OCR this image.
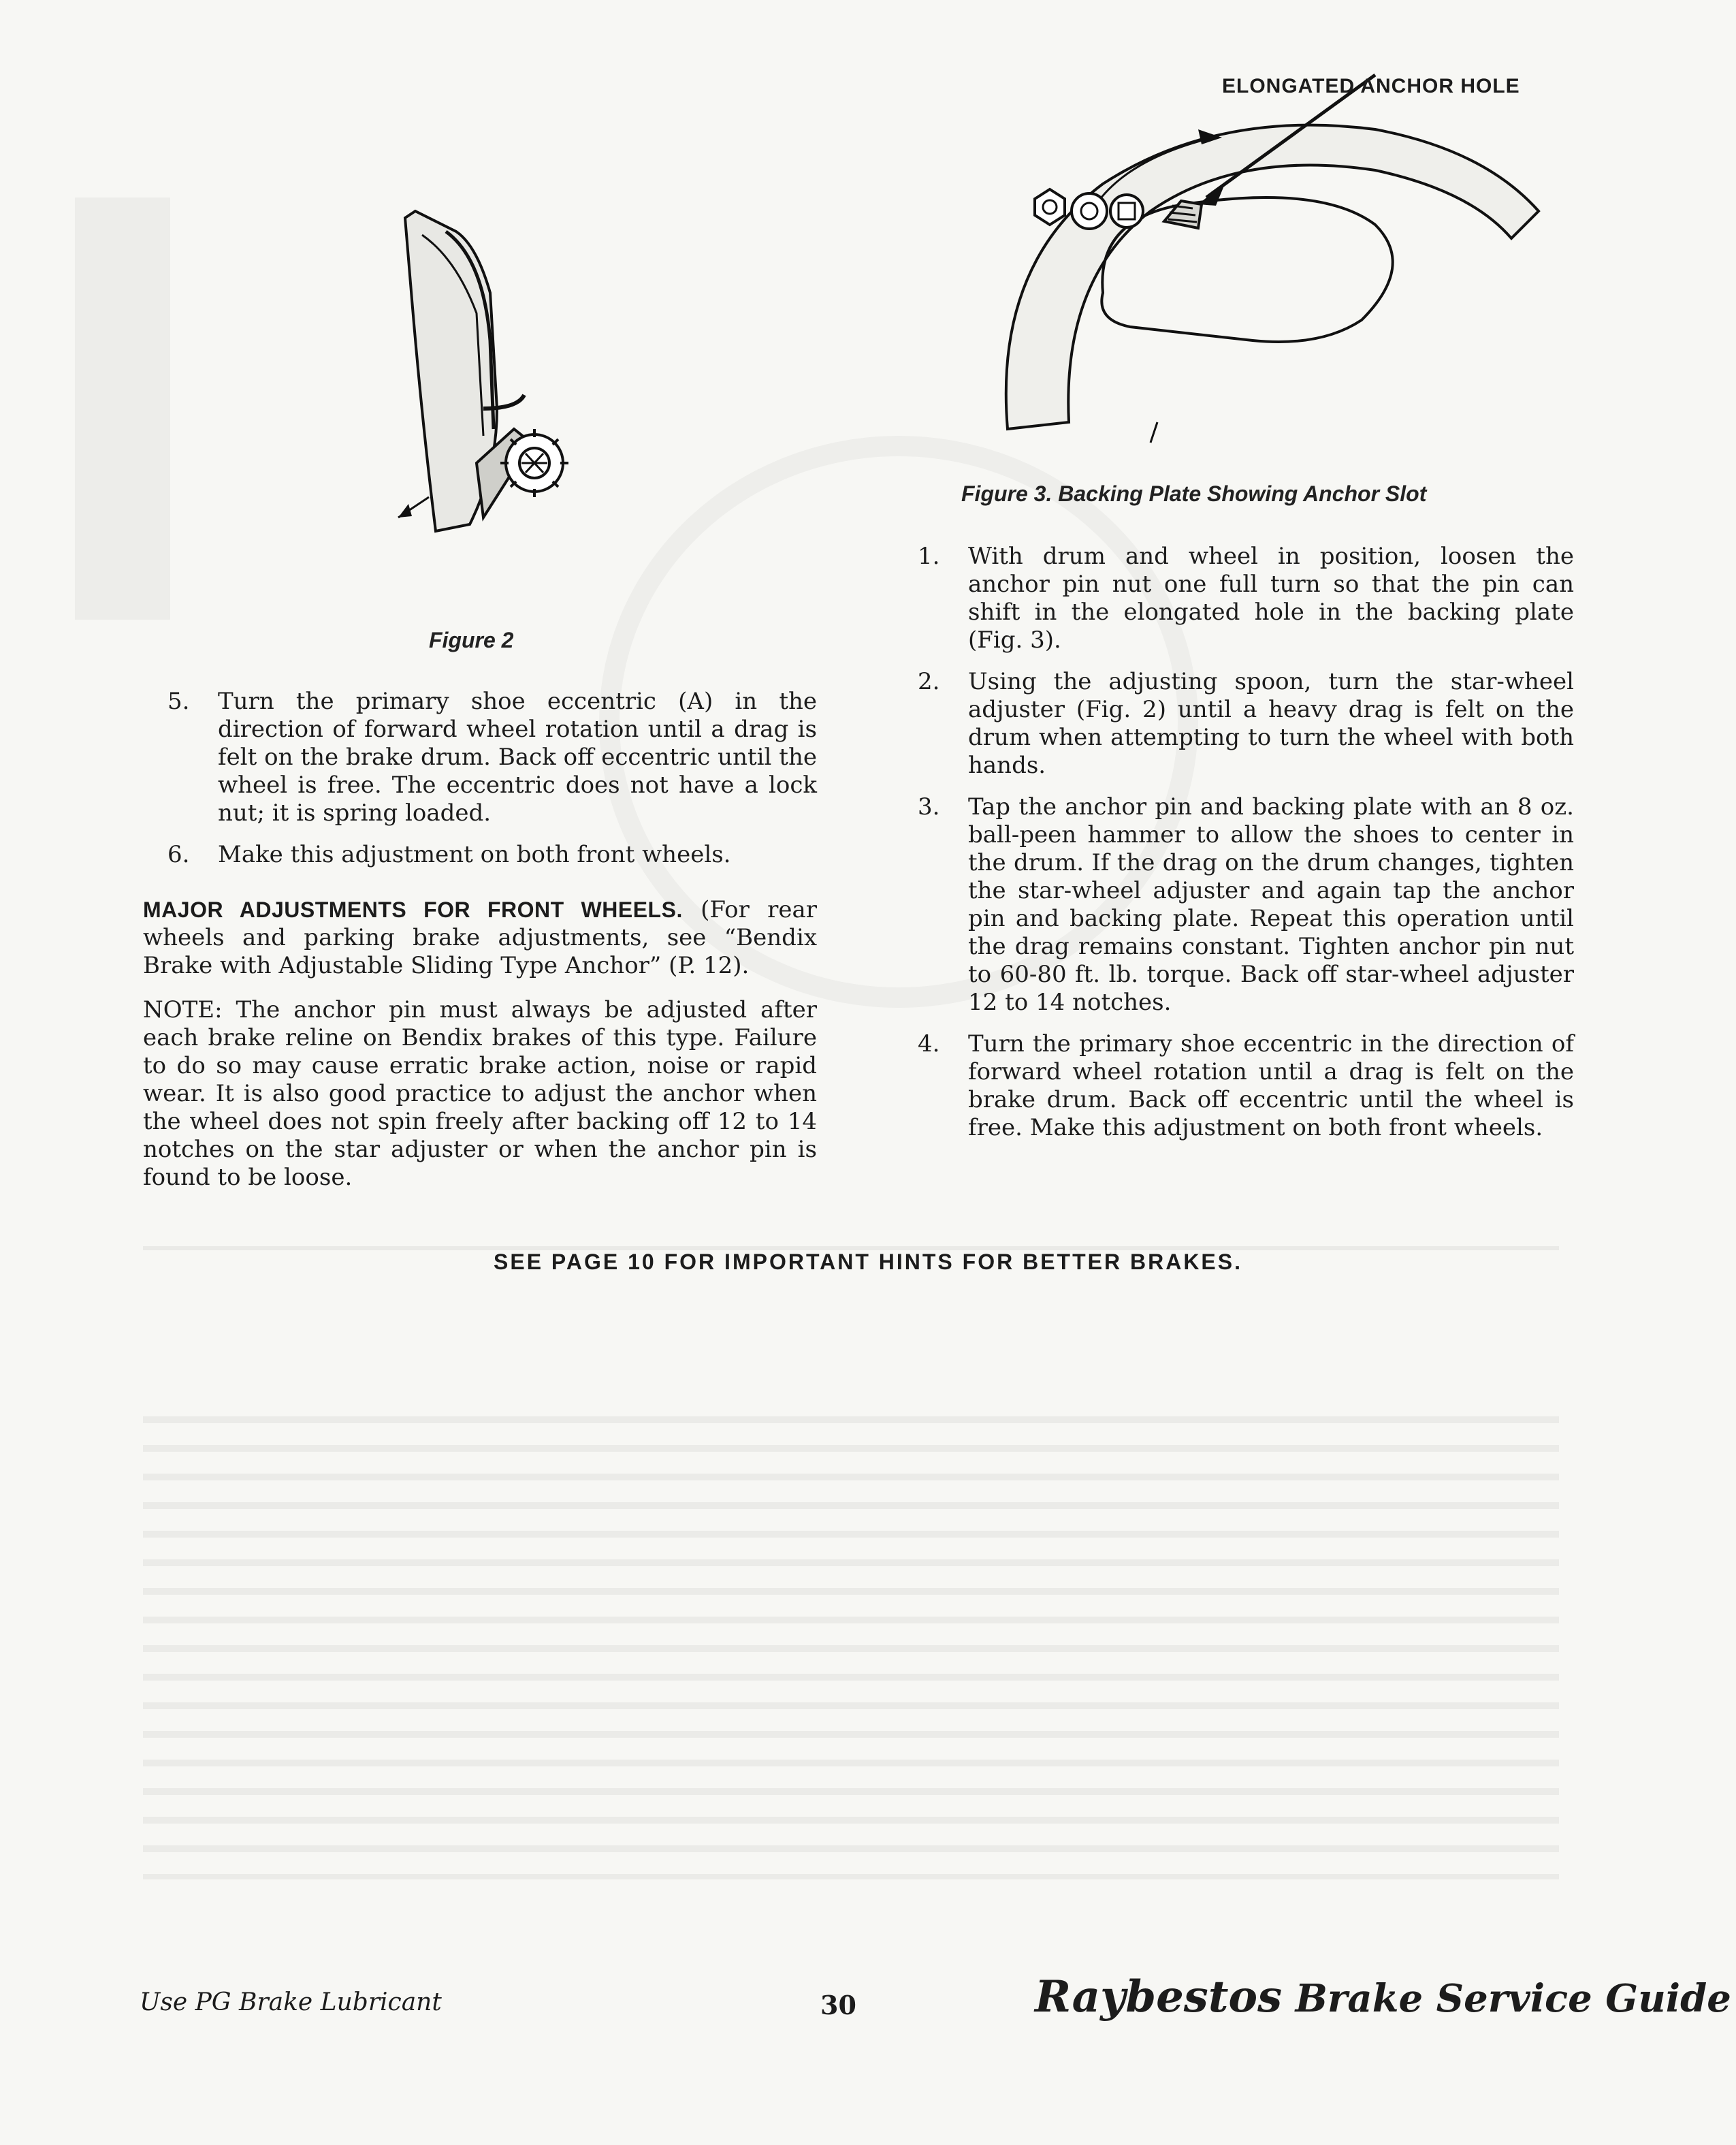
Figure 2
ELONGATED ANCHOR HOLE
Figure 3. Backing Plate Showing Anchor Slot

5. Turn the primary shoe eccentric (A) in the direction of forward wheel rotation until a drag is felt on the brake drum. Back off eccentric until the wheel is free. The eccentric does not have a lock nut; it is spring loaded.

6. Make this adjustment on both front wheels.

MAJOR ADJUSTMENTS FOR FRONT WHEELS. (For rear wheels and parking brake adjustments, see “Bendix Brake with Adjustable Sliding Type Anchor” (P. 12).

NOTE: The anchor pin must always be adjusted after each brake reline on Bendix brakes of this type. Failure to do so may cause erratic brake action, noise or rapid wear. It is also good practice to adjust the anchor when the wheel does not spin freely after backing off 12 to 14 notches on the star adjuster or when the anchor pin is found to be loose.

1. With drum and wheel in position, loosen the anchor pin nut one full turn so that the pin can shift in the elongated hole in the backing plate (Fig. 3).

2. Using the adjusting spoon, turn the star-wheel adjuster (Fig. 2) until a heavy drag is felt on the drum when attempting to turn the wheel with both hands.

3. Tap the anchor pin and backing plate with an 8 oz. ball-peen hammer to allow the shoes to center in the drum. If the drag on the drum changes, tighten the star-wheel adjuster and again tap the anchor pin and backing plate. Repeat this operation until the drag remains constant. Tighten anchor pin nut to 60-80 ft. lb. torque. Back off star-wheel adjuster 12 to 14 notches.

4. Turn the primary shoe eccentric in the direction of forward wheel rotation until a drag is felt on the brake drum. Back off eccentric until the wheel is free. Make this adjustment on both front wheels.

SEE PAGE 10 FOR IMPORTANT HINTS FOR BETTER BRAKES.
Use PG Brake Lubricant	30	Raybestos Brake Service Guide
